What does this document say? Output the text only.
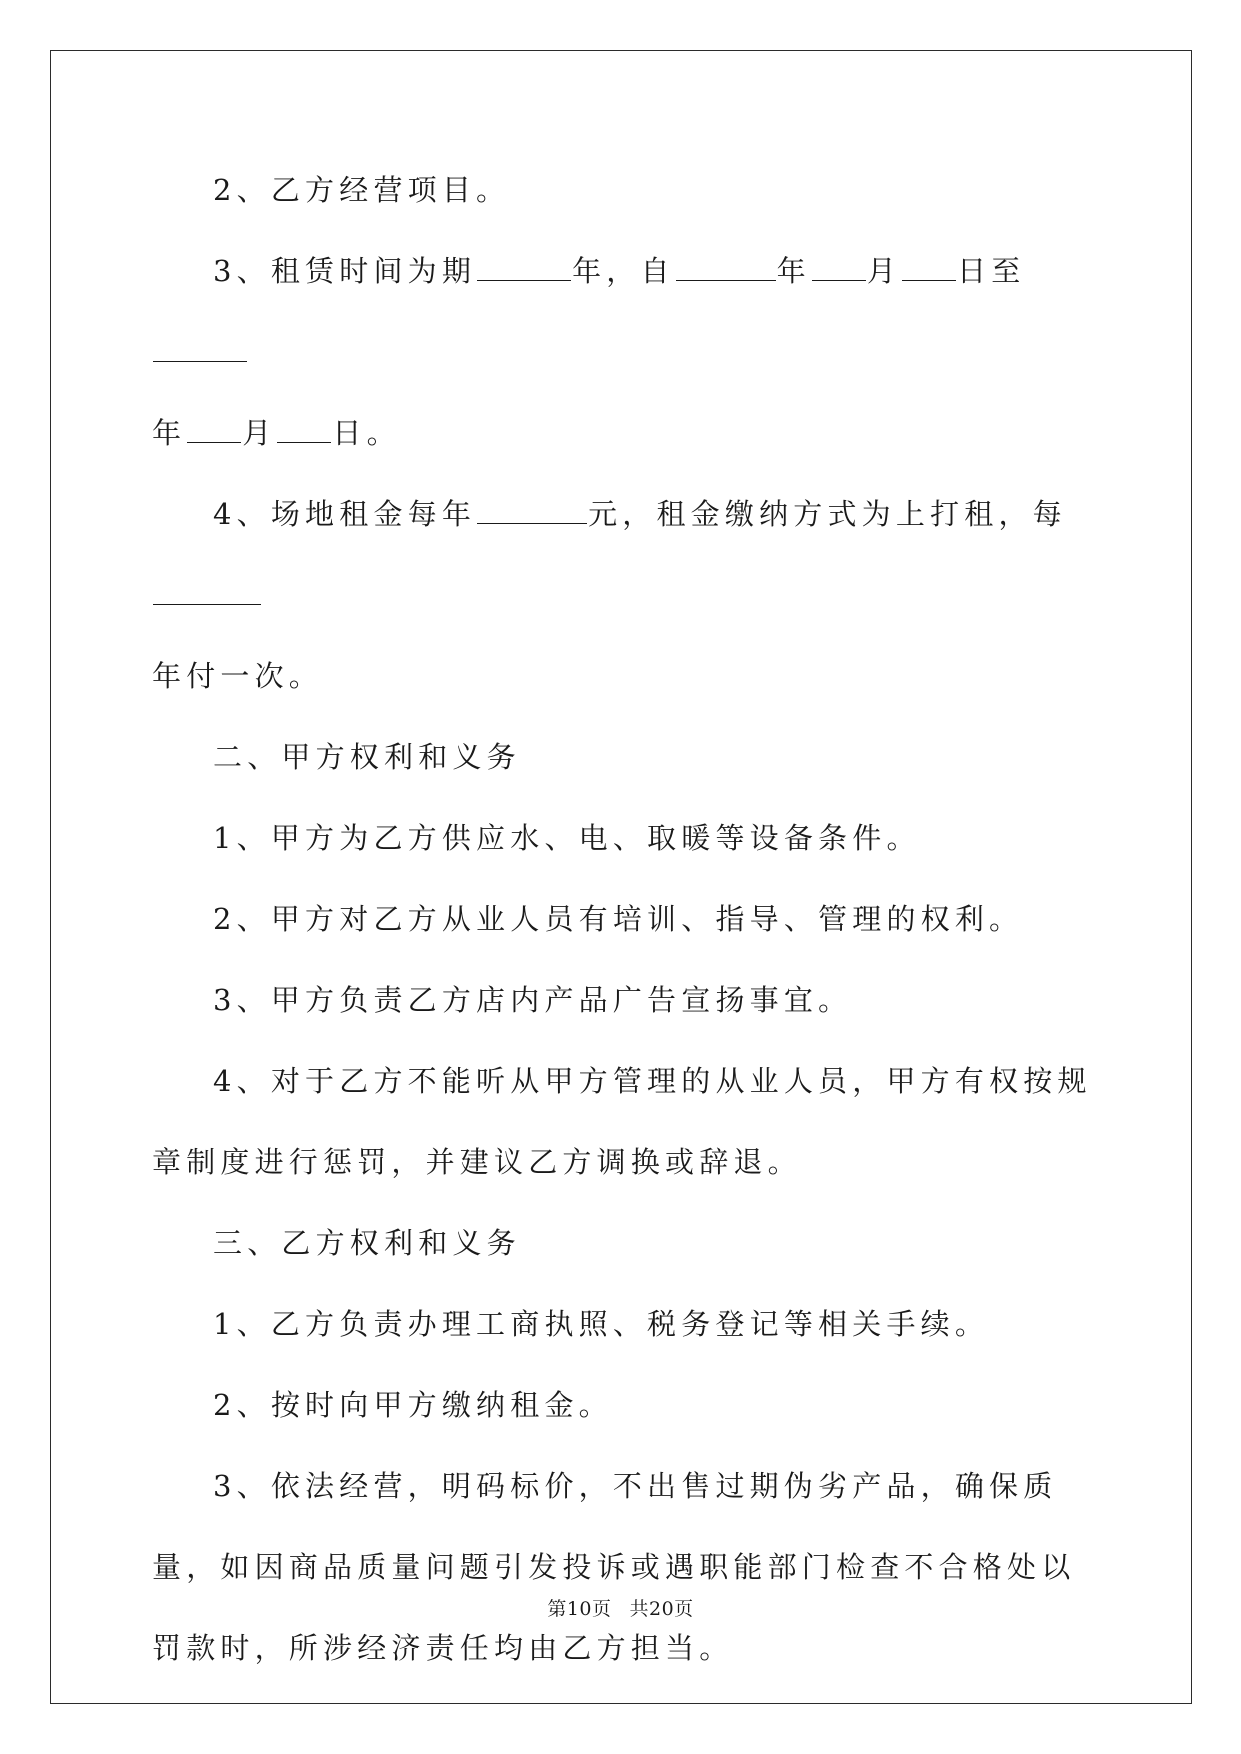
2、乙方经营项目。

3、租赁时间为期	年，自	年 月 日至

年 月 日。

4、场地租金每年	元，租金缴纳方式为上打租，每

年付一次。

二、甲方权利和义务

1、甲方为乙方供应水、电、取暖等设备条件。

2、甲方对乙方从业人员有培训、指导、管理的权利。

3、甲方负责乙方店内产品广告宣扬事宜。

4、对于乙方不能听从甲方管理的从业人员，甲方有权按规章制度进行惩罚，并建议乙方调换或辞退。

三、乙方权利和义务

1、乙方负责办理工商执照、税务登记等相关手续。

2、按时向甲方缴纳租金。

3、依法经营，明码标价，不出售过期伪劣产品，确保质量，如因商品质量问题引发投诉或遇职能部门检查不合格处以罚款时，所涉经济责任均由乙方担当。

第10页 共20页
